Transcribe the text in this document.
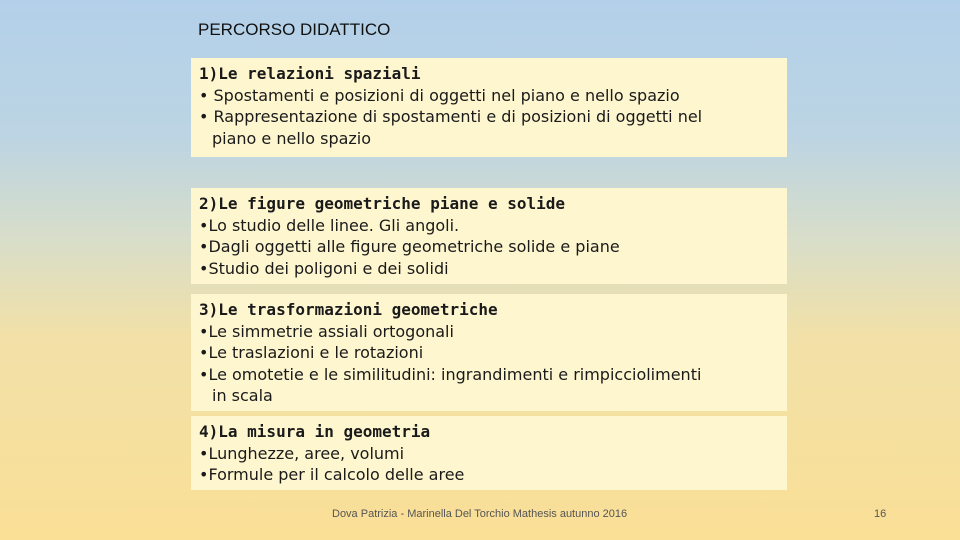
PERCORSO DIDATTICO
1)Le relazioni spaziali
• Spostamenti e posizioni di oggetti nel piano e nello spazio
• Rappresentazione di spostamenti e di posizioni di oggetti nel
piano e nello spazio
2)Le figure geometriche piane e solide
•Lo studio delle linee. Gli angoli.
•Dagli oggetti alle figure geometriche solide e piane
•Studio dei poligoni e dei solidi
3)Le trasformazioni geometriche
•Le simmetrie assiali ortogonali
•Le traslazioni e le rotazioni
•Le omotetie e le similitudini: ingrandimenti e rimpicciolimenti
in scala
4)La misura in geometria
•Lunghezze, aree, volumi
•Formule per il calcolo delle aree
Dova Patrizia - Marinella Del Torchio Mathesis autunno 2016	16
